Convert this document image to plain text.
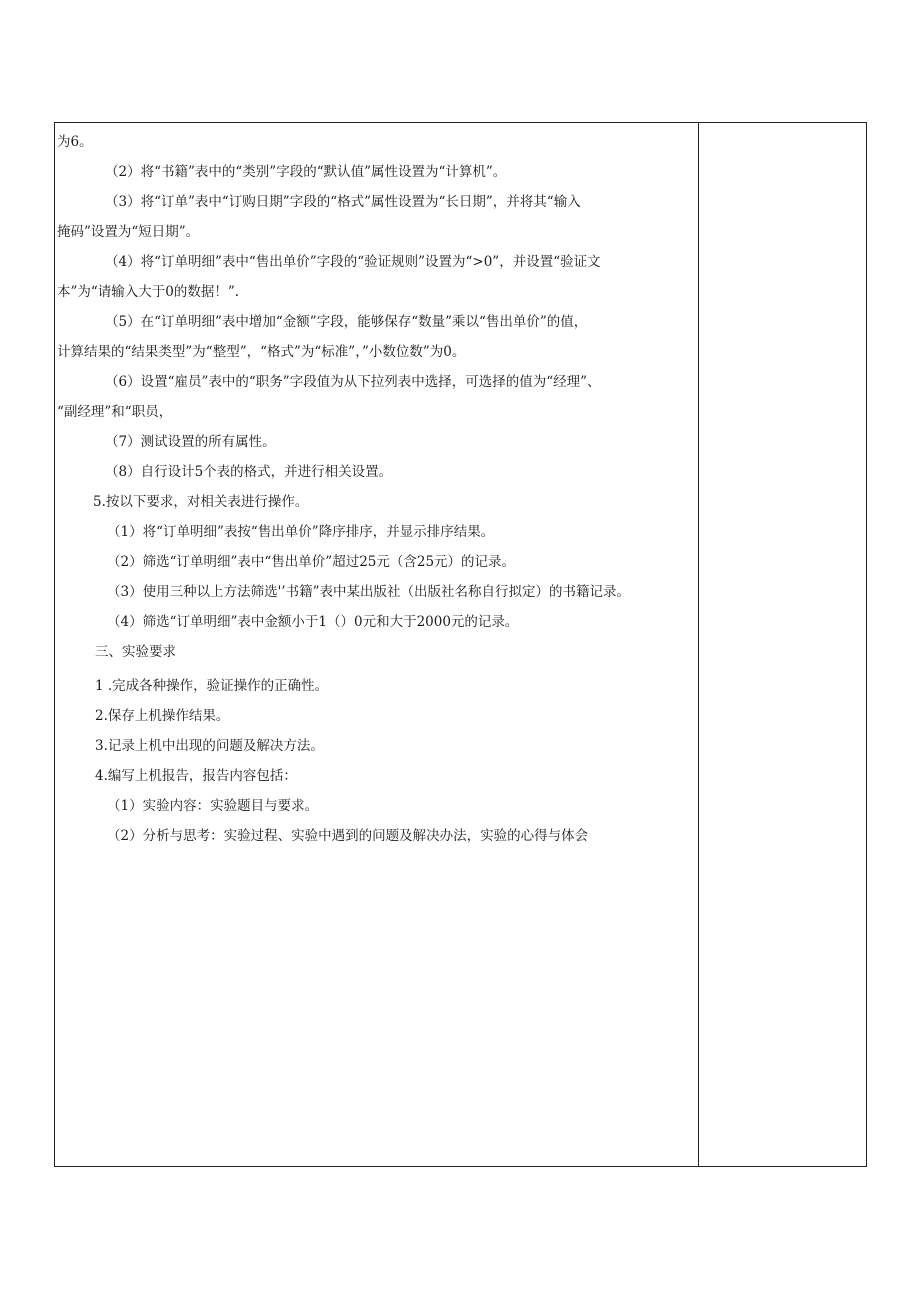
为6。
（2）将“书籍”表中的“类别”字段的“默认值”属性设置为“计算机”。
（3）将“订单”表中“订购日期”字段的“格式”属性设置为“长日期”，并将其“输入
掩码”设置为“短日期”。
（4）将“订单明细”表中“售出单价”字段的“验证规则”设置为“>0”，并设置“验证文
本”为“请输入大于0的数据！”.
（5）在“订单明细”表中增加“金额”字段，能够保存“数量”乘以“售出单价”的值，
计算结果的“结果类型”为“整型”，“格式”为“标准”，”小数位数”为0。
（6）设置“雇员”表中的“职务”字段值为从下拉列表中选择，可选择的值为“经理”、
“副经理”和“职员，
（7）测试设置的所有属性。
（8）自行设计5个表的格式，并进行相关设置。
5.按以下要求，对相关表进行操作。
（1）将“订单明细”表按“售出单价”降序排序，并显示排序结果。
（2）筛选“订单明细”表中“售出单价”超过25元（含25元）的记录。
（3）使用三种以上方法筛选'’书籍”表中某出版社（出版社名称自行拟定）的书籍记录。
（4）筛选“订单明细”表中金额小于1（）0元和大于2000元的记录。
三、实验要求
1 .完成各种操作，验证操作的正确性。
2.保存上机操作结果。
3.记录上机中出现的问题及解决方法。
4.编写上机报告，报告内容包括：
（1）实验内容：实验题目与要求。
（2）分析与思考：实验过程、实验中遇到的问题及解决办法，实验的心得与体会
